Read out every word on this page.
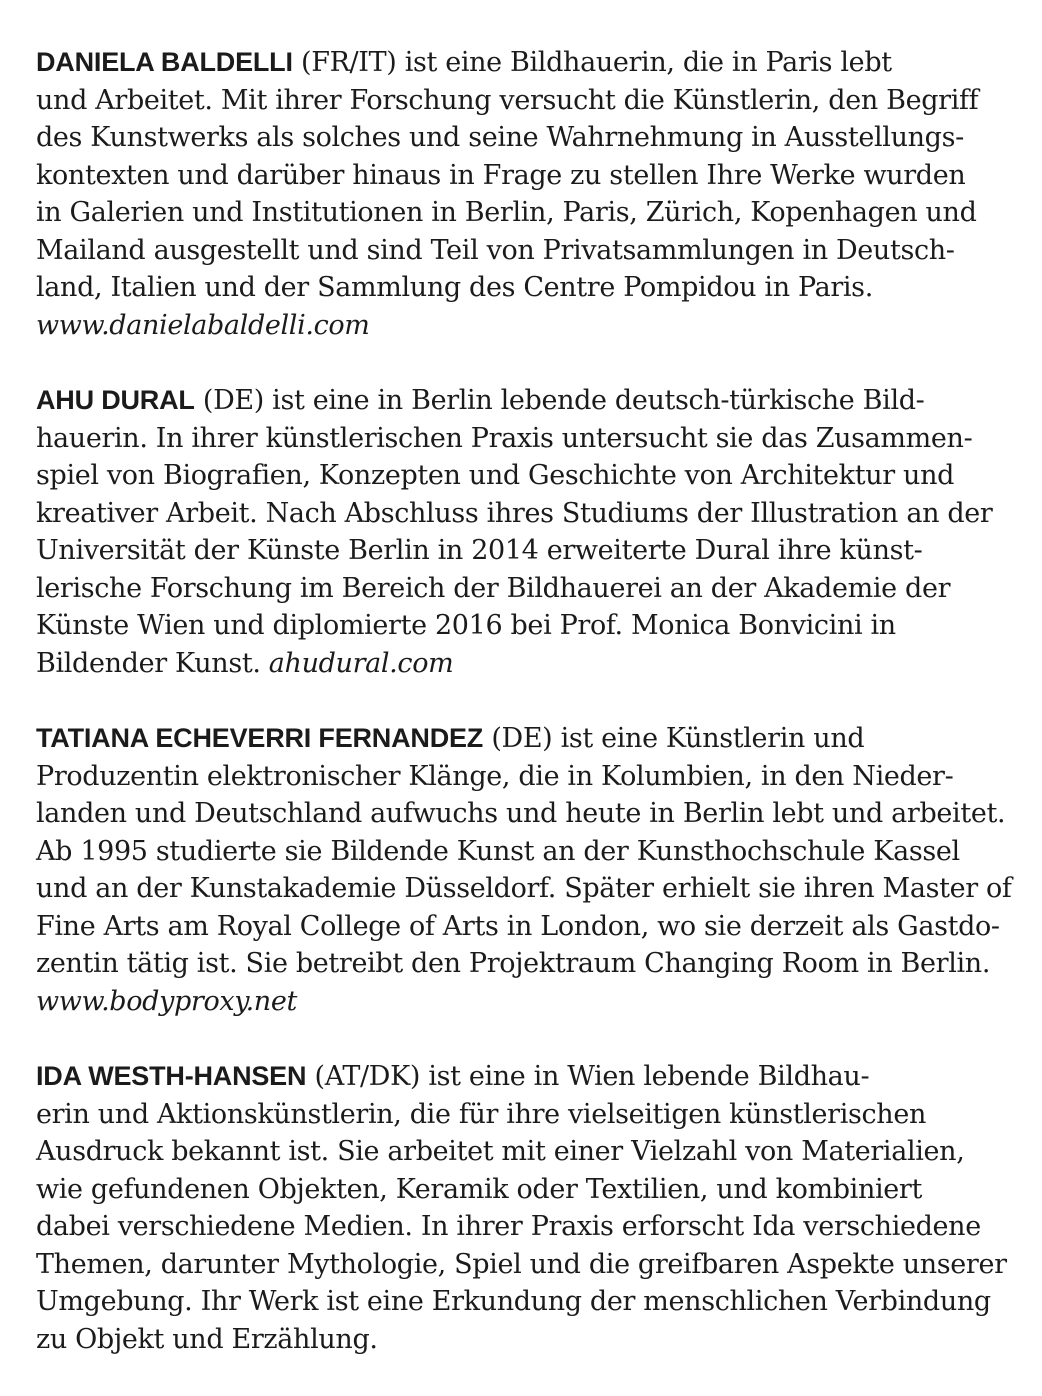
DANIELA BALDELLI (FR/IT) ist eine Bildhauerin, die in Paris lebt
und Arbeitet. Mit ihrer Forschung versucht die Künstlerin, den Begriff
des Kunstwerks als solches und seine Wahrnehmung in Ausstellungs-
kontexten und darüber hinaus in Frage zu stellen Ihre Werke wurden
in Galerien und Institutionen in Berlin, Paris, Zürich, Kopenhagen und
Mailand ausgestellt und sind Teil von Privatsammlungen in Deutsch-
land, Italien und der Sammlung des Centre Pompidou in Paris.
www.danielabaldelli.com
AHU DURAL (DE) ist eine in Berlin lebende deutsch-türkische Bild-
hauerin. In ihrer künstlerischen Praxis untersucht sie das Zusammen-
spiel von Biografien, Konzepten und Geschichte von Architektur und
kreativer Arbeit. Nach Abschluss ihres Studiums der Illustration an der
Universität der Künste Berlin in 2014 erweiterte Dural ihre künst-
lerische Forschung im Bereich der Bildhauerei an der Akademie der
Künste Wien und diplomierte 2016 bei Prof. Monica Bonvicini in
Bildender Kunst. ahudural.com
TATIANA ECHEVERRI FERNANDEZ (DE) ist eine Künstlerin und
Produzentin elektronischer Klänge, die in Kolumbien, in den Nieder-
landen und Deutschland aufwuchs und heute in Berlin lebt und arbeitet.
Ab 1995 studierte sie Bildende Kunst an der Kunsthochschule Kassel
und an der Kunstakademie Düsseldorf. Später erhielt sie ihren Master of
Fine Arts am Royal College of Arts in London, wo sie derzeit als Gastdo-
zentin tätig ist. Sie betreibt den Projektraum Changing Room in Berlin.
www.bodyproxy.net
IDA WESTH-HANSEN (AT/DK) ist eine in Wien lebende Bildhau-
erin und Aktionskünstlerin, die für ihre vielseitigen künstlerischen
Ausdruck bekannt ist. Sie arbeitet mit einer Vielzahl von Materialien,
wie gefundenen Objekten, Keramik oder Textilien, und kombiniert
dabei verschiedene Medien. In ihrer Praxis erforscht Ida verschiedene
Themen, darunter Mythologie, Spiel und die greifbaren Aspekte unserer
Umgebung. Ihr Werk ist eine Erkundung der menschlichen Verbindung
zu Objekt und Erzählung.
